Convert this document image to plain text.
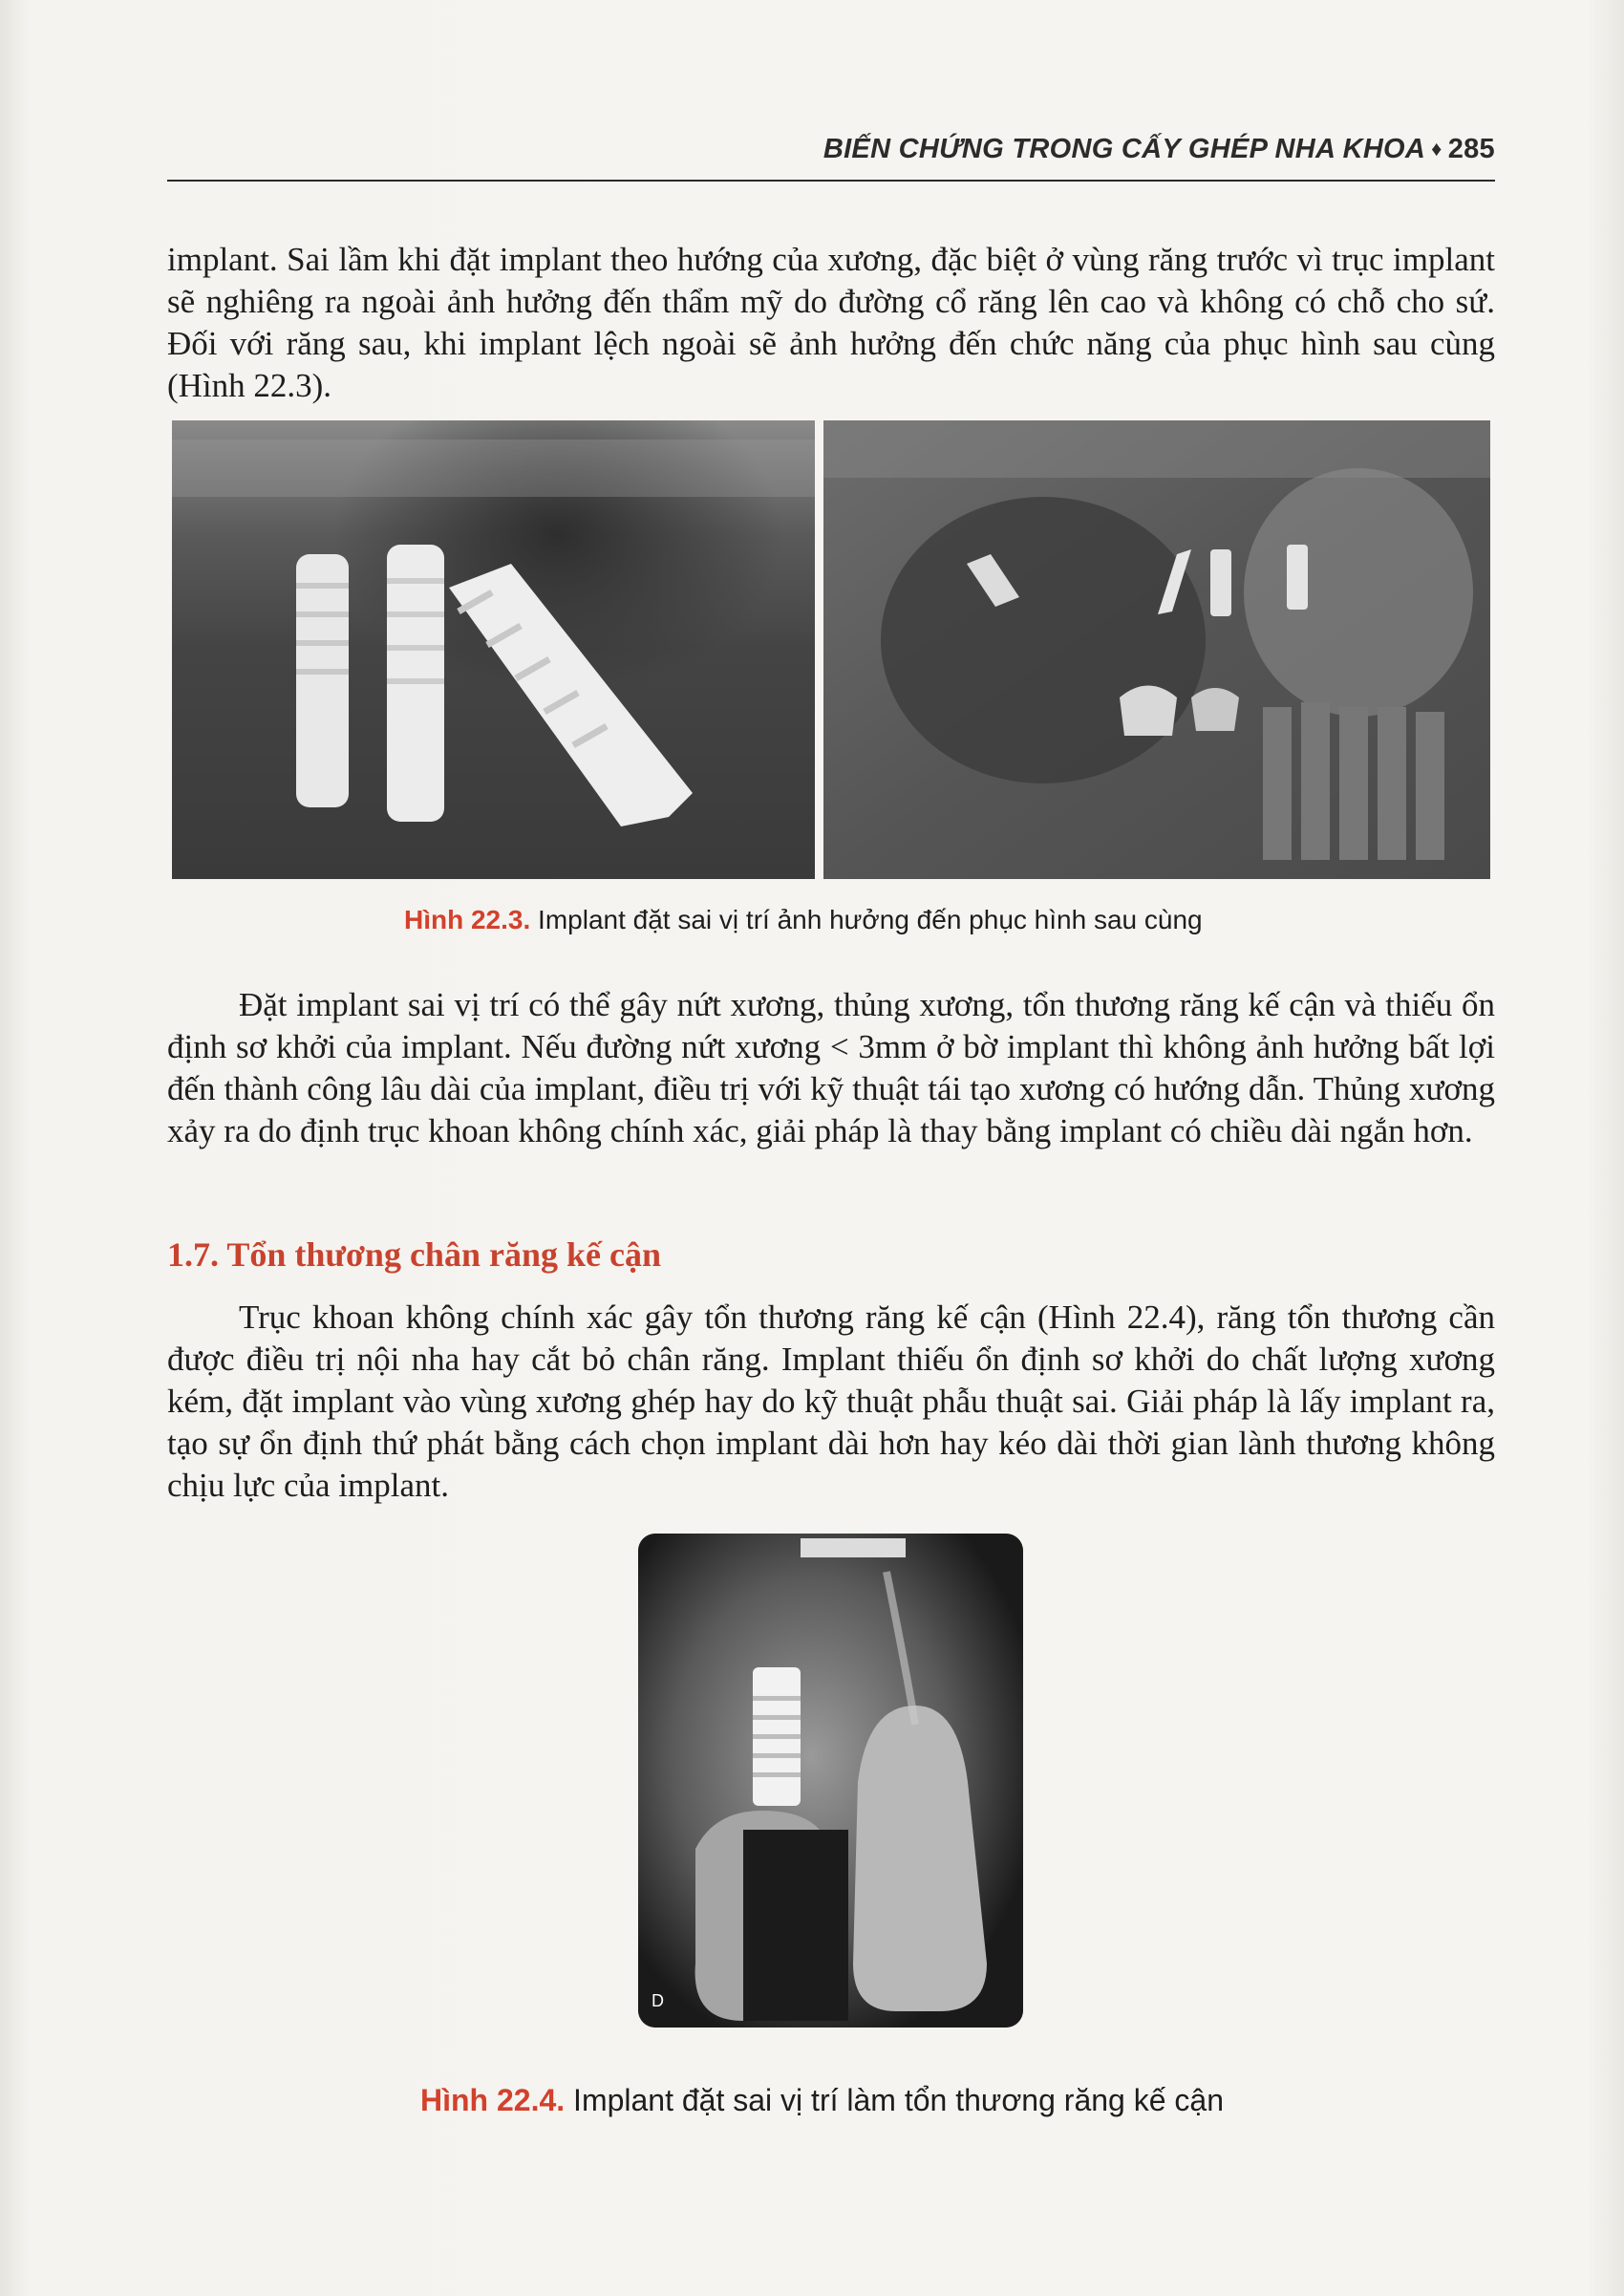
BIẾN CHỨNG TRONG CẤY GHÉP NHA KHOA ♦ 285

implant. Sai lầm khi đặt implant theo hướng của xương, đặc biệt ở vùng răng trước vì trục implant sẽ nghiêng ra ngoài ảnh hưởng đến thẩm mỹ do đường cổ răng lên cao và không có chỗ cho sứ. Đối với răng sau, khi implant lệch ngoài sẽ ảnh hưởng đến chức năng của phục hình sau cùng (Hình 22.3).

Hình 22.3. Implant đặt sai vị trí ảnh hưởng đến phục hình sau cùng

Đặt implant sai vị trí có thể gây nứt xương, thủng xương, tổn thương răng kế cận và thiếu ổn định sơ khởi của implant. Nếu đường nứt xương < 3mm ở bờ implant thì không ảnh hưởng bất lợi đến thành công lâu dài của implant, điều trị với kỹ thuật tái tạo xương có hướng dẫn. Thủng xương xảy ra do định trục khoan không chính xác, giải pháp là thay bằng implant có chiều dài ngắn hơn.

1.7. Tổn thương chân răng kế cận

Trục khoan không chính xác gây tổn thương răng kế cận (Hình 22.4), răng tổn thương cần được điều trị nội nha hay cắt bỏ chân răng. Implant thiếu ổn định sơ khởi do chất lượng xương kém, đặt implant vào vùng xương ghép hay do kỹ thuật phẫu thuật sai. Giải pháp là lấy implant ra, tạo sự ổn định thứ phát bằng cách chọn implant dài hơn hay kéo dài thời gian lành thương không chịu lực của implant.

D
Hình 22.4. Implant đặt sai vị trí làm tổn thương răng kế cận
